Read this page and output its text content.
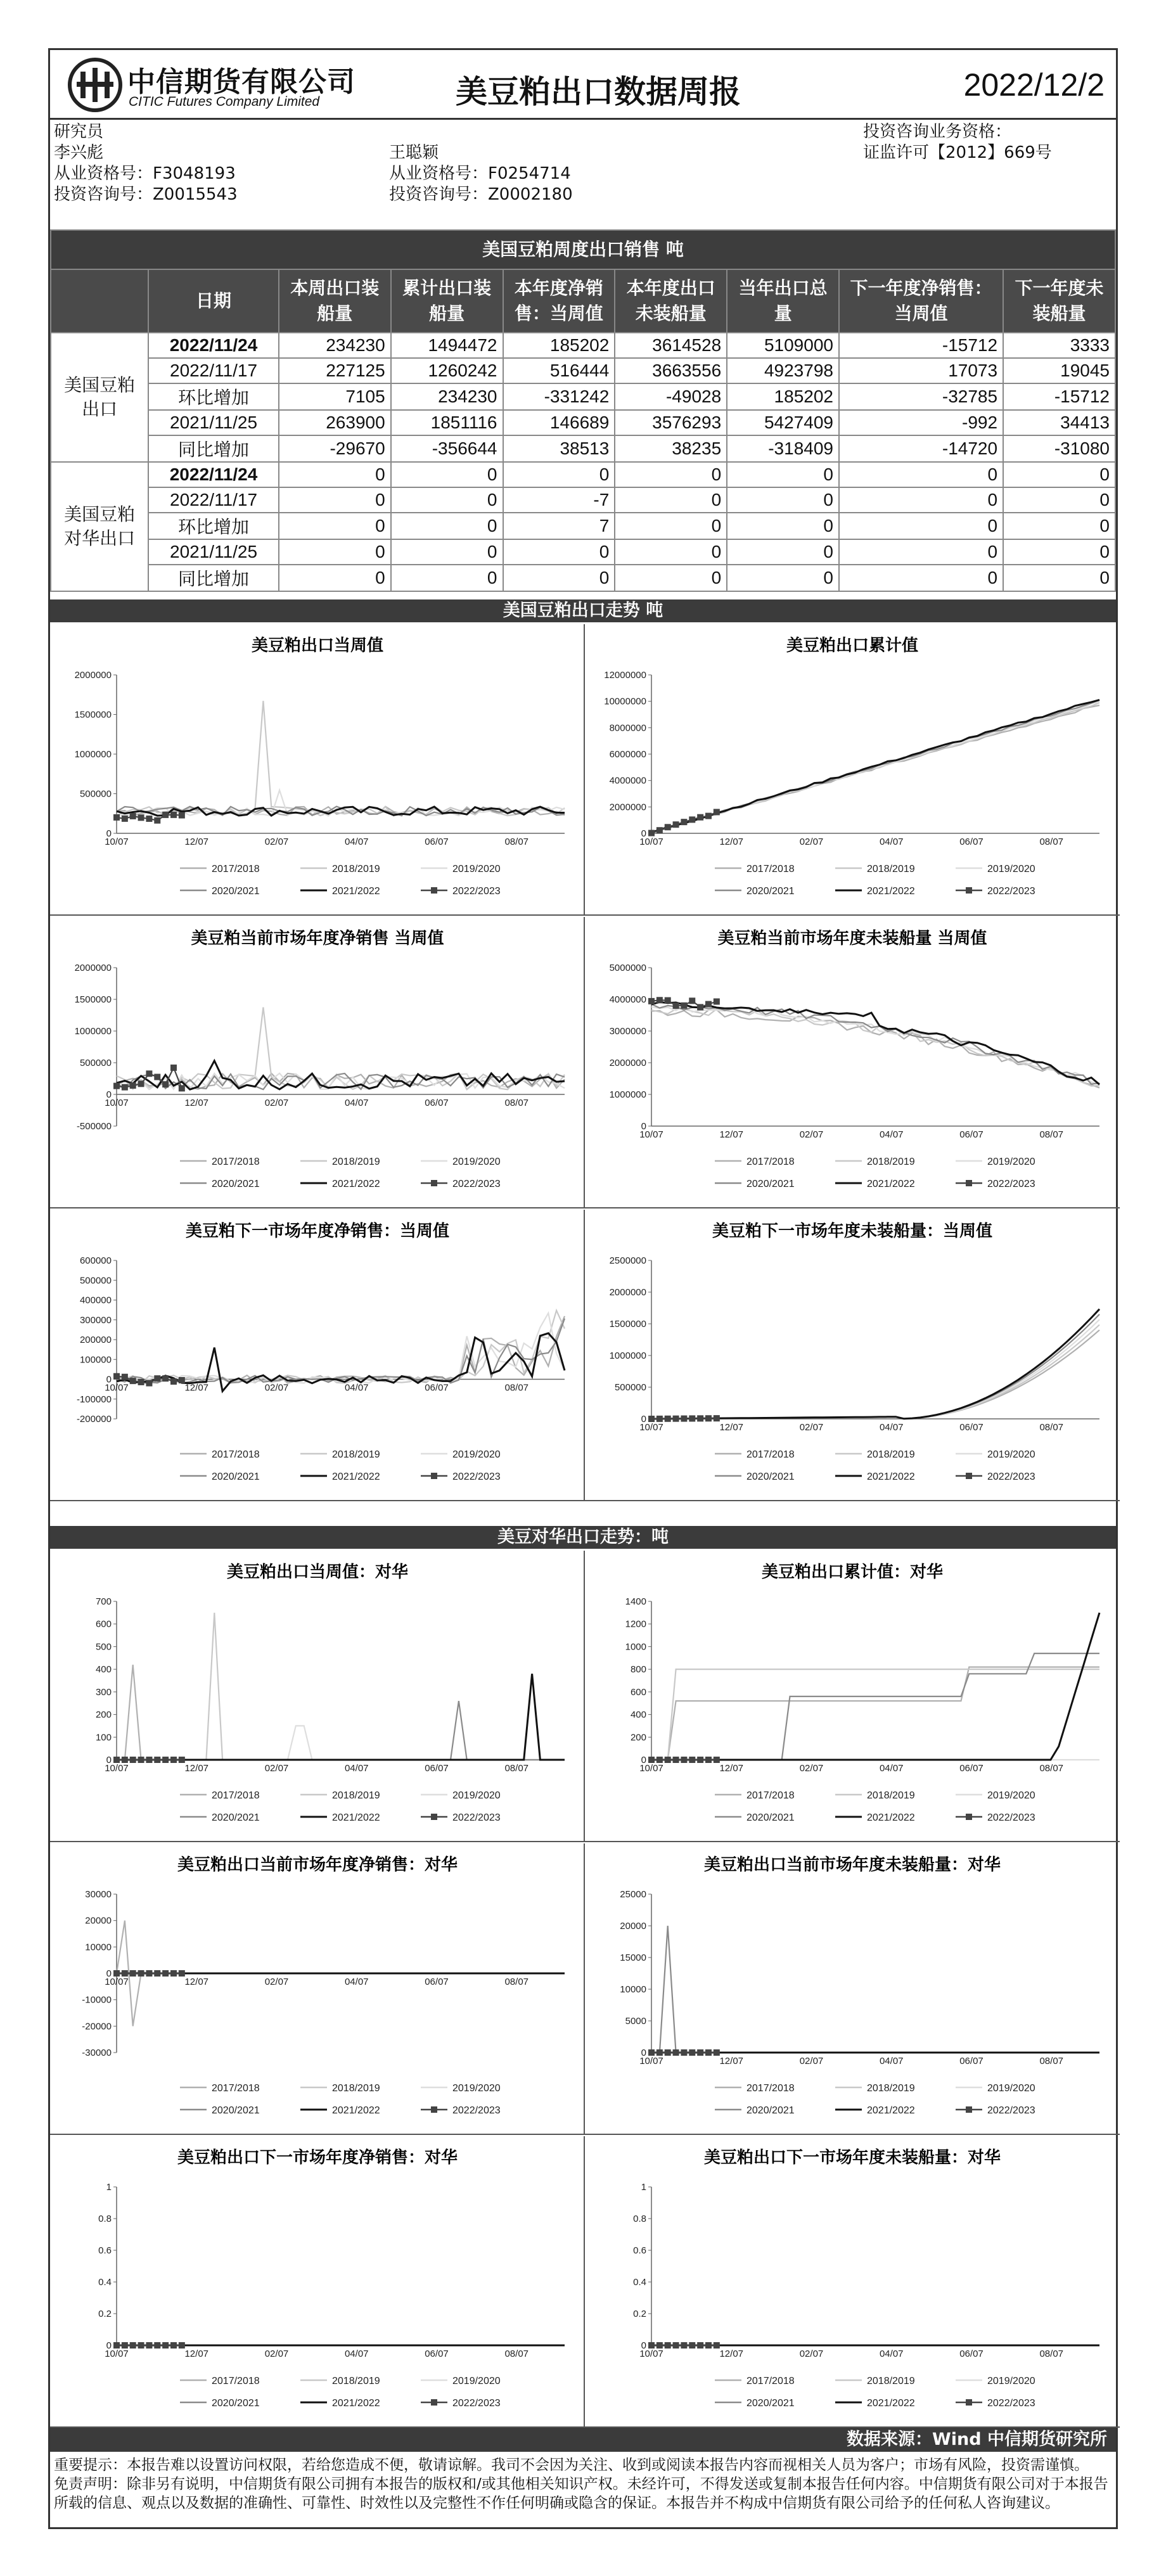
中信期货有限公司
CITIC Futures Company Limited	美豆粕出口数据周报	2022/12/2
研究员
李兴彪
从业资格号：F3048193
投资咨询号：Z0015543
王聪颖
从业资格号：F0254714
投资咨询号：Z0002180
投资咨询业务资格：
证监许可【2012】669号
美国豆粕周度出口销售 吨								
	日期	本周出口装船量	累计出口装船量	本年度净销售：当周值	本年度出口未装船量	当年出口总量	下一年度净销售：当周值	下一年度未装船量
美国豆粕出口	2022/11/24	234230	1494472	185202	3614528	5109000	-15712	3333
	2022/11/17	227125	1260242	516444	3663556	4923798	17073	19045
	环比增加	7105	234230	-331242	-49028	185202	-32785	-15712
	2021/11/25	263900	1851116	146689	3576293	5427409	-992	34413
	同比增加	-29670	-356644	38513	38235	-318409	-14720	-31080
美国豆粕对华出口	2022/11/24	0	0	0	0	0	0	0
	2022/11/17	0	0	-7	0	0	0	0
	环比增加	0	0	7	0	0	0	0
	2021/11/25	0	0	0	0	0	0	0
	同比增加	0	0	0	0	0	0	0
美国豆粕出口走势 吨
美豆对华出口走势：吨
美豆粕出口当周值
0
500000
1000000
1500000
2000000
10/07	12/07	02/07	04/07	06/07	08/07
2017/2018	2018/2019	2019/2020
2020/2021	2021/2022	2022/2023
美豆粕出口累计值
0
2000000
4000000
6000000
8000000
10000000
12000000
10/07	12/07	02/07	04/07	06/07	08/07
2017/2018	2018/2019	2019/2020
2020/2021	2021/2022	2022/2023
美豆粕当前市场年度净销售 当周值
-500000
0
500000
1000000
1500000
2000000
10/07	12/07	02/07	04/07	06/07	08/07
2017/2018	2018/2019	2019/2020
2020/2021	2021/2022	2022/2023
美豆粕当前市场年度未装船量 当周值
0
1000000
2000000
3000000
4000000
5000000
10/07	12/07	02/07	04/07	06/07	08/07
2017/2018	2018/2019	2019/2020
2020/2021	2021/2022	2022/2023
美豆粕下一市场年度净销售：当周值
-200000
-100000
0
100000
200000
300000
400000
500000
600000
10/07	12/07	02/07	04/07	06/07	08/07
2017/2018	2018/2019	2019/2020
2020/2021	2021/2022	2022/2023
美豆粕下一市场年度未装船量：当周值
0
500000
1000000
1500000
2000000
2500000
10/07	12/07	02/07	04/07	06/07	08/07
2017/2018	2018/2019	2019/2020
2020/2021	2021/2022	2022/2023
美豆粕出口当周值：对华
0
100
200
300
400
500
600
700
10/07	12/07	02/07	04/07	06/07	08/07
2017/2018	2018/2019	2019/2020
2020/2021	2021/2022	2022/2023
美豆粕出口累计值：对华
0
200
400
600
800
1000
1200
1400
10/07	12/07	02/07	04/07	06/07	08/07
2017/2018	2018/2019	2019/2020
2020/2021	2021/2022	2022/2023
美豆粕出口当前市场年度净销售：对华
-30000
-20000
-10000
0
10000
20000
30000
10/07	12/07	02/07	04/07	06/07	08/07
2017/2018	2018/2019	2019/2020
2020/2021	2021/2022	2022/2023
美豆粕出口当前市场年度未装船量：对华
0
5000
10000
15000
20000
25000
10/07	12/07	02/07	04/07	06/07	08/07
2017/2018	2018/2019	2019/2020
2020/2021	2021/2022	2022/2023
美豆粕出口下一市场年度净销售：对华
0
0.2
0.4
0.6
0.8
1
10/07	12/07	02/07	04/07	06/07	08/07
2017/2018	2018/2019	2019/2020
2020/2021	2021/2022	2022/2023
美豆粕出口下一市场年度未装船量：对华
0
0.2
0.4
0.6
0.8
1
10/07	12/07	02/07	04/07	06/07	08/07
2017/2018	2018/2019	2019/2020
2020/2021	2021/2022	2022/2023
数据来源：Wind 中信期货研究所
重要提示：本报告难以设置访问权限，若给您造成不便，敬请谅解。我司不会因为关注、收到或阅读本报告内容而视相关人员为客户；市场有风险，投资需谨慎。
免责声明：除非另有说明，中信期货有限公司拥有本报告的版权和/或其他相关知识产权。未经许可，不得发送或复制本报告任何内容。中信期货有限公司对于本报告所载的信息、观点以及数据的准确性、可靠性、时效性以及完整性不作任何明确或隐含的保证。本报告并不构成中信期货有限公司给予的任何私人咨询建议。
